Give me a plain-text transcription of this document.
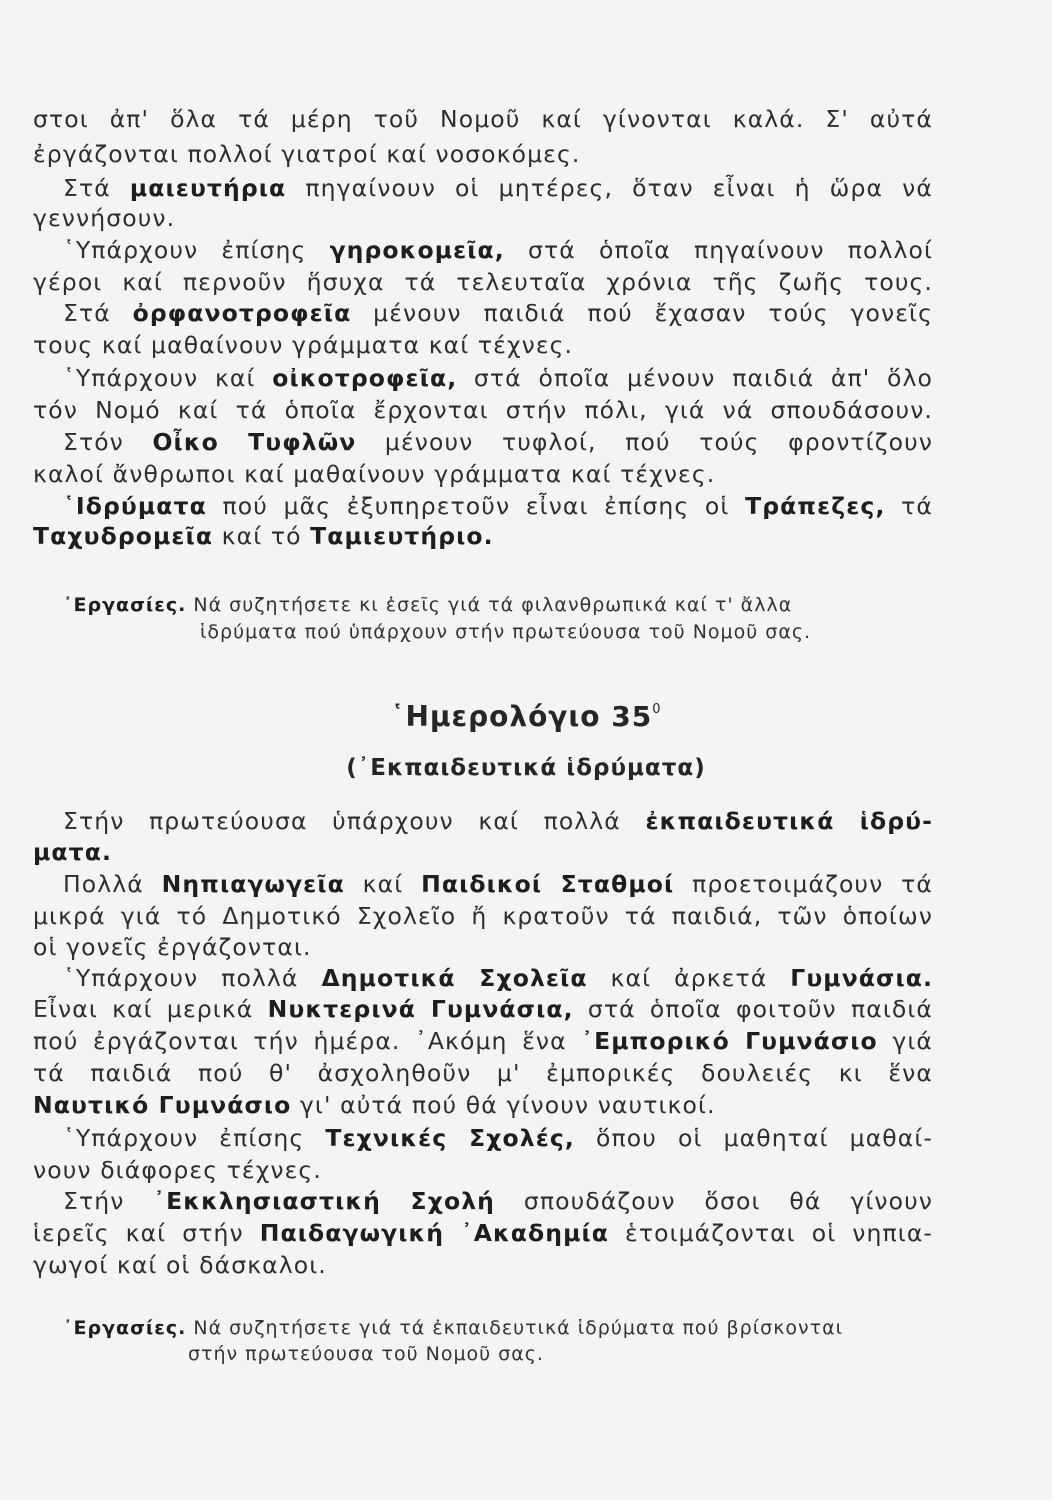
στοι ἀπ' ὅλα τά μέρη τοῦ Νομοῦ καί γίνονται καλά. Σ' αὐτά
ἐργάζονται πολλοί γιατροί καί νοσοκόμες.
Στά μαιευτήρια πηγαίνουν οἱ μητέρες, ὅταν εἶναι ἡ ὥρα νά
γεννήσουν.
῾Υπάρχουν ἐπίσης γηροκομεῖα, στά ὁποῖα πηγαίνουν πολλοί
γέροι καί περνοῦν ἥσυχα τά τελευταῖα χρόνια τῆς ζωῆς τους.
Στά ὀρφανοτροφεῖα μένουν παιδιά πού ἔχασαν τούς γονεῖς
τους καί μαθαίνουν γράμματα καί τέχνες.
῾Υπάρχουν καί οἰκοτροφεῖα, στά ὁποῖα μένουν παιδιά ἀπ' ὅλο
τόν Νομό καί τά ὁποῖα ἔρχονται στήν πόλι, γιά νά σπουδάσουν.
Στόν Οἶκο Τυφλῶν μένουν τυφλοί, πού τούς φροντίζουν
καλοί ἄνθρωποι καί μαθαίνουν γράμματα καί τέχνες.
῾Ιδρύματα πού μᾶς ἐξυπηρετοῦν εἶναι ἐπίσης οἱ Τράπεζες, τά
Ταχυδρομεῖα καί τό Ταμιευτήριο.
᾿Εργασίες. Νά συζητήσετε κι ἐσεῖς γιά τά φιλανθρωπικά καί τ' ἄλλα
ἱδρύματα πού ὑπάρχουν στήν πρωτεύουσα τοῦ Νομοῦ σας.
῾Ημερολόγιο $35^0$
(᾿Εκπαιδευτικά ἱδρύματα)
Στήν πρωτεύουσα ὑπάρχουν καί πολλά ἐκπαιδευτικά ἱδρύ-
ματα.
Πολλά Νηπιαγωγεῖα καί Παιδικοί Σταθμοί προετοιμάζουν τά
μικρά γιά τό Δημοτικό Σχολεῖο ἤ κρατοῦν τά παιδιά, τῶν ὁποίων
οἱ γονεῖς ἐργάζονται.
῾Υπάρχουν πολλά Δημοτικά Σχολεῖα καί ἀρκετά Γυμνάσια.
Εἶναι καί μερικά Νυκτερινά Γυμνάσια, στά ὁποῖα φοιτοῦν παιδιά
πού ἐργάζονται τήν ἡμέρα. ᾿Ακόμη ἕνα ᾿Εμπορικό Γυμνάσιο γιά
τά παιδιά πού θ' ἀσχοληθοῦν μ' ἐμπορικές δουλειές κι ἕνα
Ναυτικό Γυμνάσιο γι' αὐτά πού θά γίνουν ναυτικοί.
῾Υπάρχουν ἐπίσης Τεχνικές Σχολές, ὅπου οἱ μαθηταί μαθαί-
νουν διάφορες τέχνες.
Στήν ᾿Εκκλησιαστική Σχολή σπουδάζουν ὅσοι θά γίνουν
ἱερεῖς καί στήν Παιδαγωγική ᾿Ακαδημία ἑτοιμάζονται οἱ νηπια-
γωγοί καί οἱ δάσκαλοι.
᾿Εργασίες. Νά συζητήσετε γιά τά ἐκπαιδευτικά ἱδρύματα πού βρίσκονται
στήν πρωτεύουσα τοῦ Νομοῦ σας.
